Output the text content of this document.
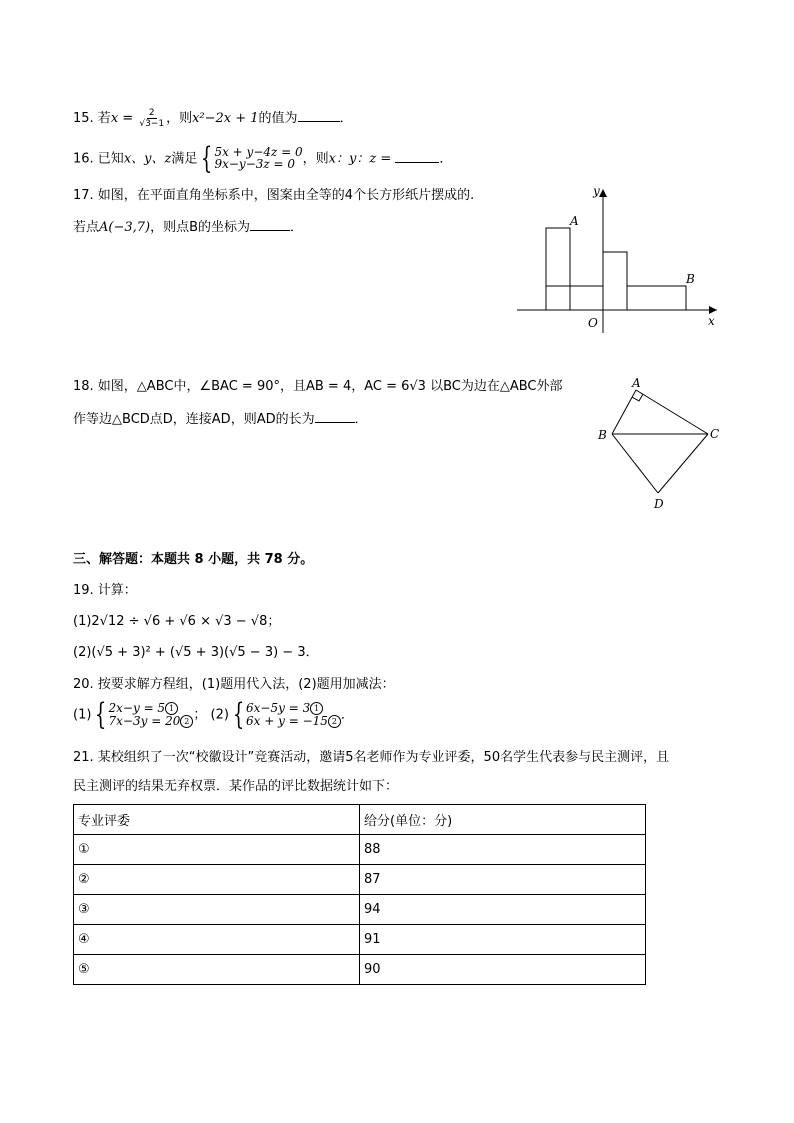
15. 若$x = \frac{2}{√3-1}$ ，则x²−2x + 1的值为	．
16. 已知x、y、z满足 { 5x + y−4z = 0
9x−y−3z = 0 ，则x：y：z =	．
17. 如图，在平面直角坐标系中，图案由全等的4个长方形纸片摆成的.
若点A(−3,7)，则点B的坐标为	．
y
x
O
A
B
18. 如图，△ABC中，∠BAC = 90°，且AB = 4，AC = 6√3 以BC为边在△ABC外部
作等边△BCD点D，连接AD，则AD的长为	．
A
B	C
D
三、解答题：本题共 8 小题，共 78 分。
19. 计算：
(1)2√12 ÷ √6 + √6 × √3 − √8；
(2)(√5 + 3)² + (√5 + 3)(√5 − 3) − 3．
20. 按要求解方程组，(1)题用代入法，(2)题用加减法：
(1) { 2x−y = 5 1
7x−3y = 20 2 ； (2) { 6x−5y = 3 1
6x + y = −15 2 ．
21. 某校组织了一次“校徽设计”竞赛活动，邀请5名老师作为专业评委，50名学生代表参与民主测评，且
民主测评的结果无弃权票．某作品的评比数据统计如下：
专业评委	给分(单位：分)
①	88
②	87
③	94
④	91
⑤	90
